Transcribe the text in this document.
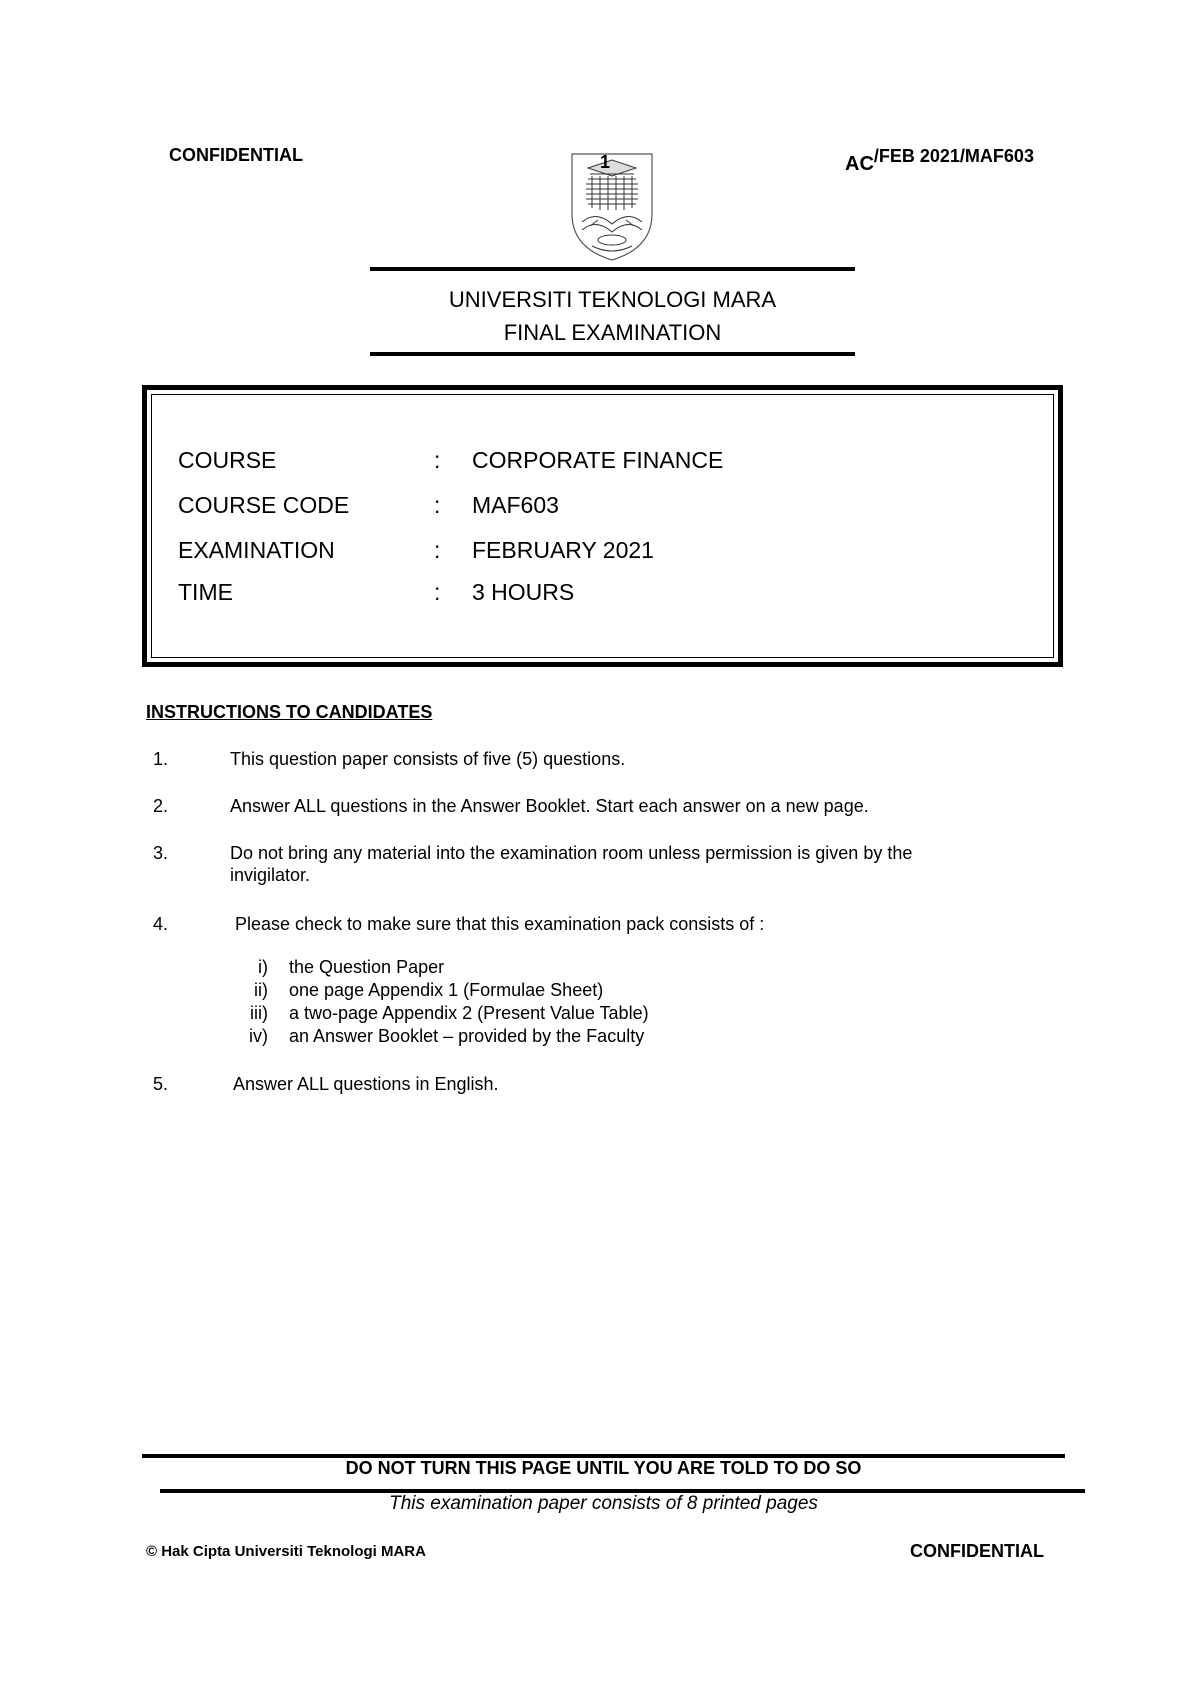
CONFIDENTIAL	AC/FEB 2021/MAF603
1
UNIVERSITI TEKNOLOGI MARA
FINAL EXAMINATION
COURSE	: CORPORATE FINANCE
COURSE CODE	: MAF603
EXAMINATION	: FEBRUARY 2021
TIME	: 3 HOURS
INSTRUCTIONS TO CANDIDATES
1.	This question paper consists of five (5) questions.
2.	Answer ALL questions in the Answer Booklet. Start each answer on a new page.
3.	Do not bring any material into the examination room unless permission is given by the
invigilator.
4.	Please check to make sure that this examination pack consists of :
i) the Question Paper
ii) one page Appendix 1 (Formulae Sheet)
iii) a two-page Appendix 2 (Present Value Table)
iv) an Answer Booklet – provided by the Faculty
5.	Answer ALL questions in English.
DO NOT TURN THIS PAGE UNTIL YOU ARE TOLD TO DO SO
This examination paper consists of 8 printed pages
© Hak Cipta Universiti Teknologi MARA	CONFIDENTIAL
